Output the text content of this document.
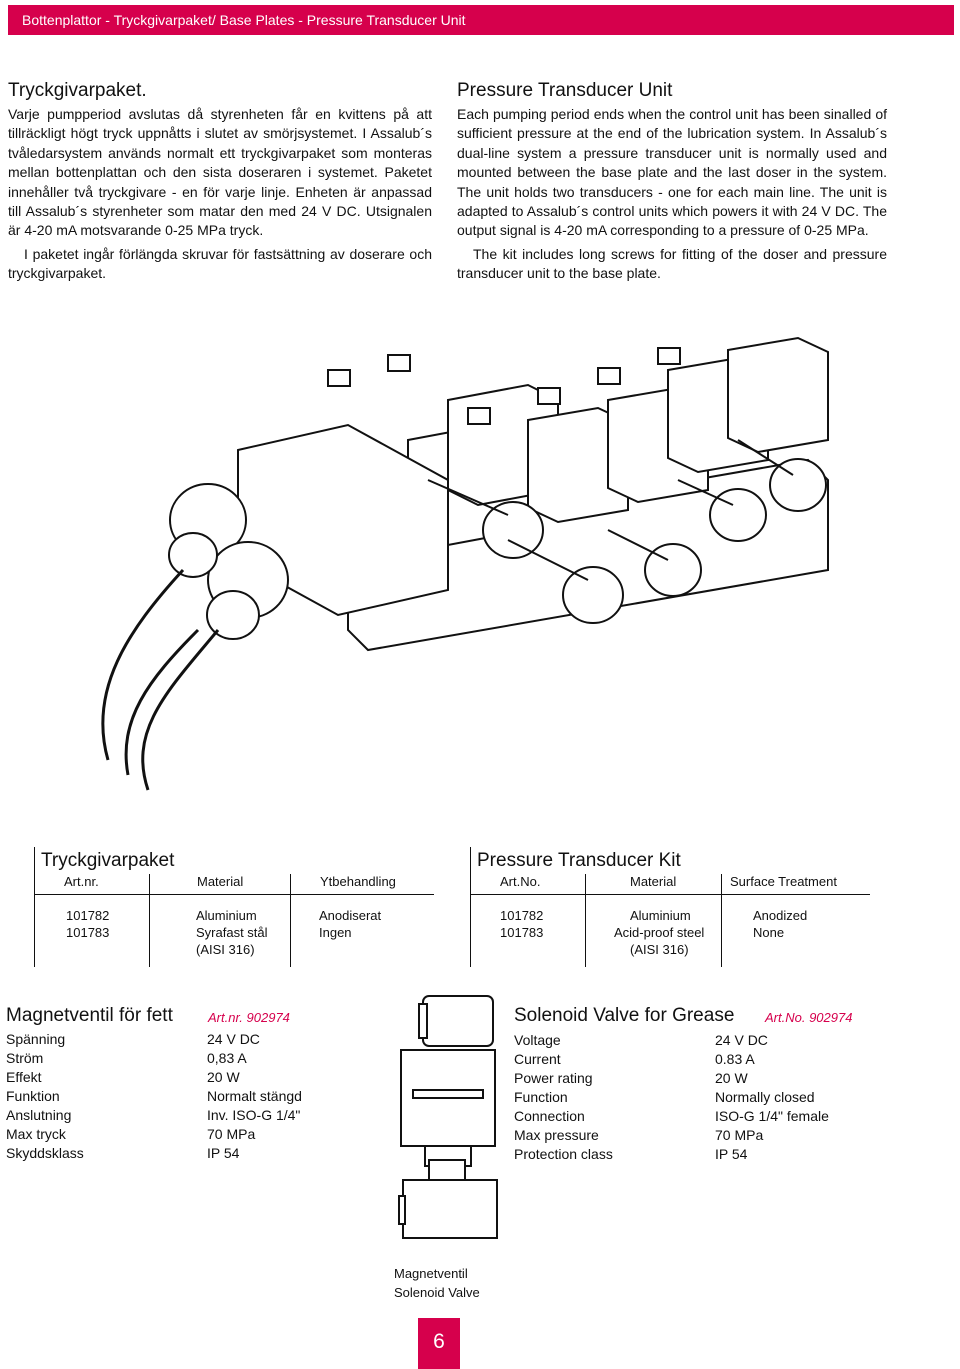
Bottenplattor - Tryckgivarpaket/ Base Plates - Pressure Transducer Unit
Tryckgivarpaket.

Varje pumpperiod avslutas då styrenheten får en kvittens på att tillräckligt högt tryck uppnåtts i slutet av smörjsystemet. I Assalub´s tvåledarsystem används normalt ett tryckgivarpaket som monteras mellan bottenplattan och den sista doseraren i systemet. Paketet innehåller två tryckgivare - en för varje linje. Enheten är anpassad till Assalub´s styrenheter som matar den med 24 V DC. Utsignalen är 4-20 mA motsvarande 0-25 MPa tryck.

I paketet ingår förlängda skruvar för fastsättning av doserare och tryckgivarpaket.

Pressure Transducer Unit

Each pumping period ends when the control unit has been sinalled of sufficient pressure at the end of the lubrication system. In Assalub´s dual-line system a pressure transducer unit is normally used and mounted between the base plate and the last doser in the system. The unit holds two transducers - one for each main line. The unit is adapted to Assalub´s control units which powers it with 24 V DC. The output signal is 4-20 mA corresponding to a pressure of 0-25 MPa.

The kit includes long screws for fitting of the doser and pressure transducer unit to the base plate.

Tryckgivarpaket
Art.nr.	Material	Ytbehandling
101782	Aluminium	Anodiserat
101783	Syrafast stål	Ingen
(AISI 316)
Pressure Transducer Kit
Art.No.	Material	Surface Treatment
101782	Aluminium	Anodized
101783	Acid-proof steel	None
(AISI 316)
Magnetventil för fett	Art.nr. 902974
Spänning	24 V DC
Ström	0,83 A
Effekt	20 W
Funktion	Normalt stängd
Anslutning	Inv. ISO-G 1/4"
Max tryck	70 MPa
Skyddsklass	IP 54
Solenoid Valve for Grease Art.No. 902974
Voltage	24 V DC
Current	0.83 A
Power rating	20 W
Function	Normally closed
Connection	ISO-G 1/4" female
Max pressure	70 MPa
Protection class	IP 54
Magnetventil
Solenoid Valve
6
